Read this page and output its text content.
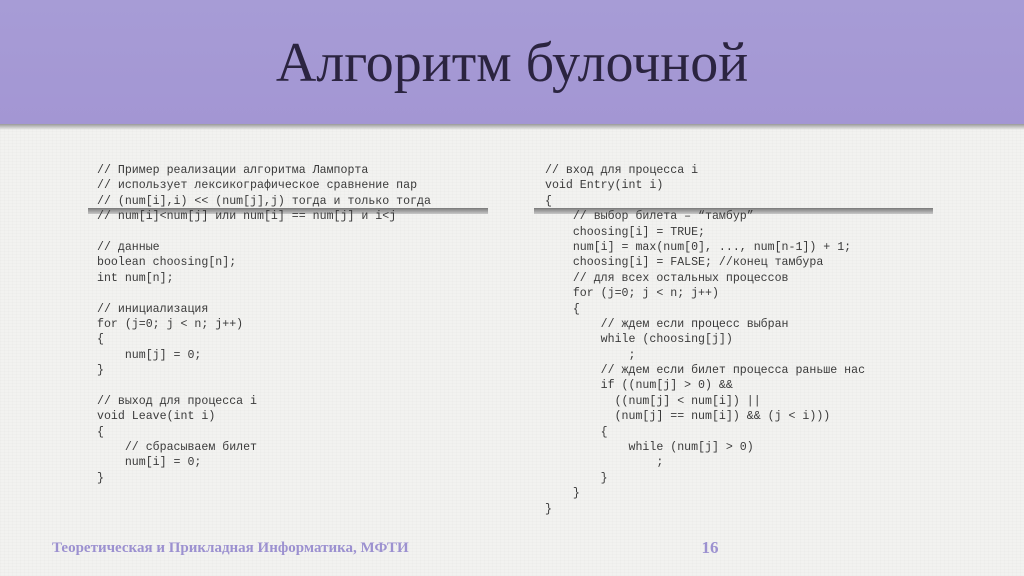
Алгоритм булочной
// Пример реализации алгоритма Лампорта
// использует лексикографическое сравнение пар
// (num[i],i) << (num[j],j) тогда и только тогда
// num[i]<num[j] или num[i] == num[j] и i<j
// данные
boolean choosing[n];
int num[n];
// инициализация
for (j=0; j < n; j++)
{
num[j] = 0;
}
// выход для процесса i
void Leave(int i)
{
// сбрасываем билет
num[i] = 0;
}
// вход для процесса i
void Entry(int i)
{
// выбор билета – “тамбур”
choosing[i] = TRUE;
num[i] = max(num[0], ..., num[n-1]) + 1;
choosing[i] = FALSE; //конец тамбура
// для всех остальных процессов
for (j=0; j < n; j++)
{
// ждем если процесс выбран
while (choosing[j])
;
// ждем если билет процесса раньше нас
if ((num[j] > 0) &&
((num[j] < num[i]) ||
(num[j] == num[i]) && (j < i)))
{
while (num[j] > 0)
;
}
}
}
Теоретическая и Прикладная Информатика, МФТИ	16
